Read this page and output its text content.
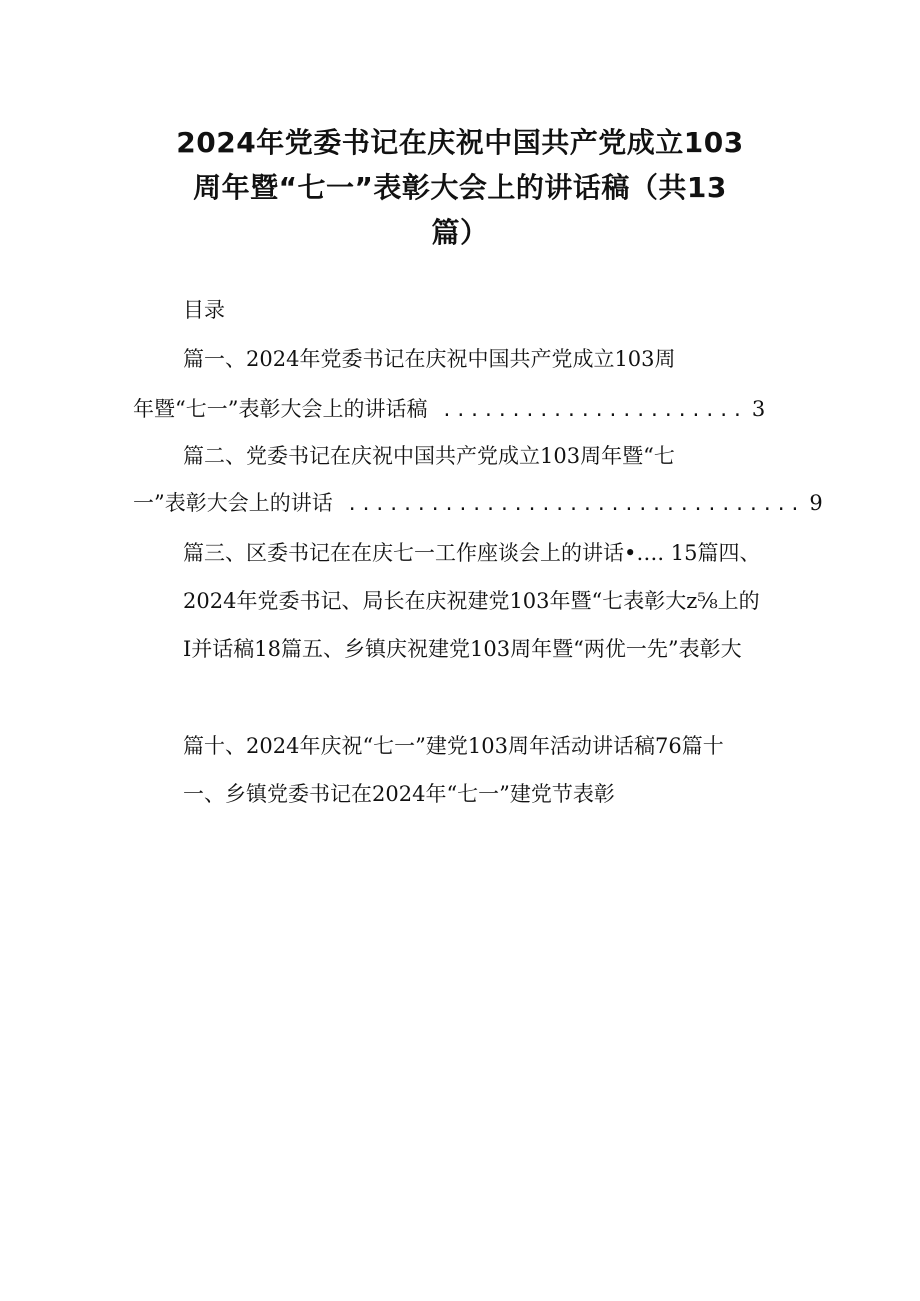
2024年党委书记在庆祝中国共产党成立103
周年暨“七一”表彰大会上的讲话稿（共13
篇）
目录
篇一、2024年党委书记在庆祝中国共产党成立103周
年暨“七一”表彰大会上的讲话稿 ...................... 3
篇二、党委书记在庆祝中国共产党成立103周年暨“七
一”表彰大会上的讲话 ................................. 9
篇三、区委书记在在庆七一工作座谈会上的讲话•…. 15篇四、
2024年党委书记、局长在庆祝建党103年暨“七表彰大z⅝上的
I并话稿18篇五、乡镇庆祝建党103周年暨“两优一先”表彰大
篇十、2024年庆祝“七一”建党103周年活动讲话稿76篇十
一、乡镇党委书记在2024年“七一”建党节表彰
